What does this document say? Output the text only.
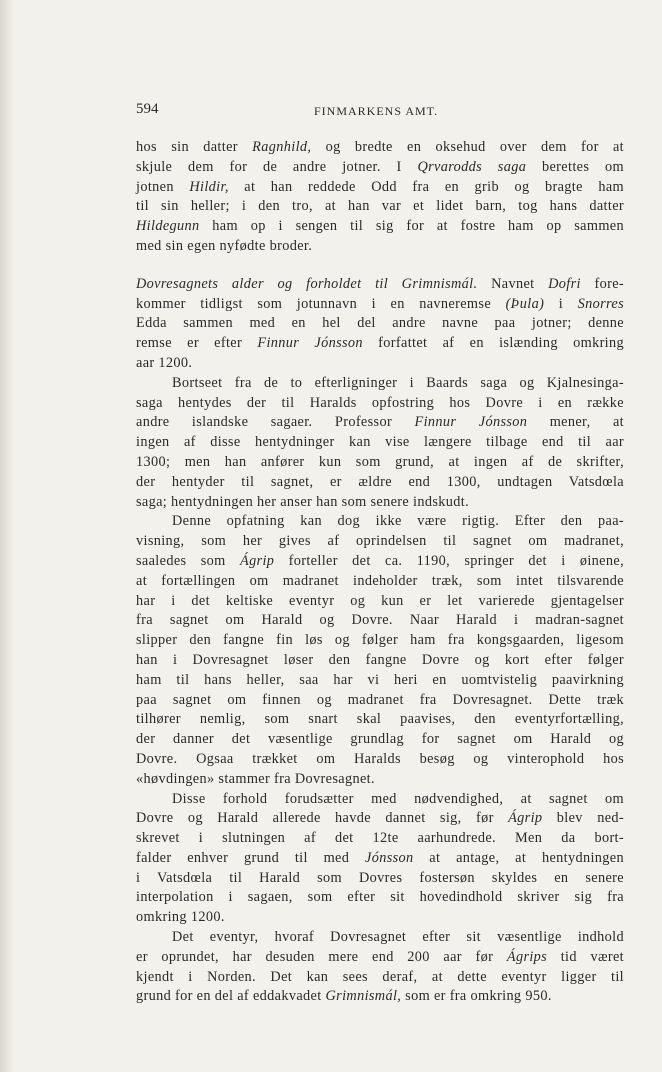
594	FINMARKENS AMT.
hos sin datter Ragnhild, og bredte en oksehud over dem for at
skjule dem for de andre jotner. I Qrvarodds saga berettes om
jotnen Hildir, at han reddede Odd fra en grib og bragte ham
til sin heller; i den tro, at han var et lidet barn, tog hans datter
Hildegunn ham op i sengen til sig for at fostre ham op sammen
med sin egen nyfødte broder.
Dovresagnets alder og forholdet til Grimnismál. Navnet Dofri fore-
kommer tidligst som jotunnavn i en navneremse (Þula) i Snorres
Edda sammen med en hel del andre navne paa jotner; denne
remse er efter Finnur Jónsson forfattet af en islænding omkring
aar 1200.
Bortseet fra de to efterligninger i Baards saga og Kjalnesinga-
saga hentydes der til Haralds opfostring hos Dovre i en række
andre islandske sagaer. Professor Finnur Jónsson mener, at
ingen af disse hentydninger kan vise længere tilbage end til aar
1300; men han anfører kun som grund, at ingen af de skrifter,
der hentyder til sagnet, er ældre end 1300, undtagen Vatsdœla
saga; hentydningen her anser han som senere indskudt.
Denne opfatning kan dog ikke være rigtig. Efter den paa-
visning, som her gives af oprindelsen til sagnet om madranet,
saaledes som Ágrip forteller det ca. 1190, springer det i øinene,
at fortællingen om madranet indeholder træk, som intet tilsvarende
har i det keltiske eventyr og kun er let varierede gjentagelser
fra sagnet om Harald og Dovre. Naar Harald i madran-sagnet
slipper den fangne fin løs og følger ham fra kongsgaarden, ligesom
han i Dovresagnet løser den fangne Dovre og kort efter følger
ham til hans heller, saa har vi heri en uomtvistelig paavirkning
paa sagnet om finnen og madranet fra Dovresagnet. Dette træk
tilhører nemlig, som snart skal paavises, den eventyrfortælling,
der danner det væsentlige grundlag for sagnet om Harald og
Dovre. Ogsaa trækket om Haralds besøg og vinterophold hos
«høvdingen» stammer fra Dovresagnet.
Disse forhold forudsætter med nødvendighed, at sagnet om
Dovre og Harald allerede havde dannet sig, før Ágrip blev ned-
skrevet i slutningen af det 12te aarhundrede. Men da bort-
falder enhver grund til med Jónsson at antage, at hentydningen
i Vatsdœla til Harald som Dovres fostersøn skyldes en senere
interpolation i sagaen, som efter sit hovedindhold skriver sig fra
omkring 1200.
Det eventyr, hvoraf Dovresagnet efter sit væsentlige indhold
er oprundet, har desuden mere end 200 aar før Ágrips tid været
kjendt i Norden. Det kan sees deraf, at dette eventyr ligger til
grund for en del af eddakvadet Grimnismál, som er fra omkring 950.
